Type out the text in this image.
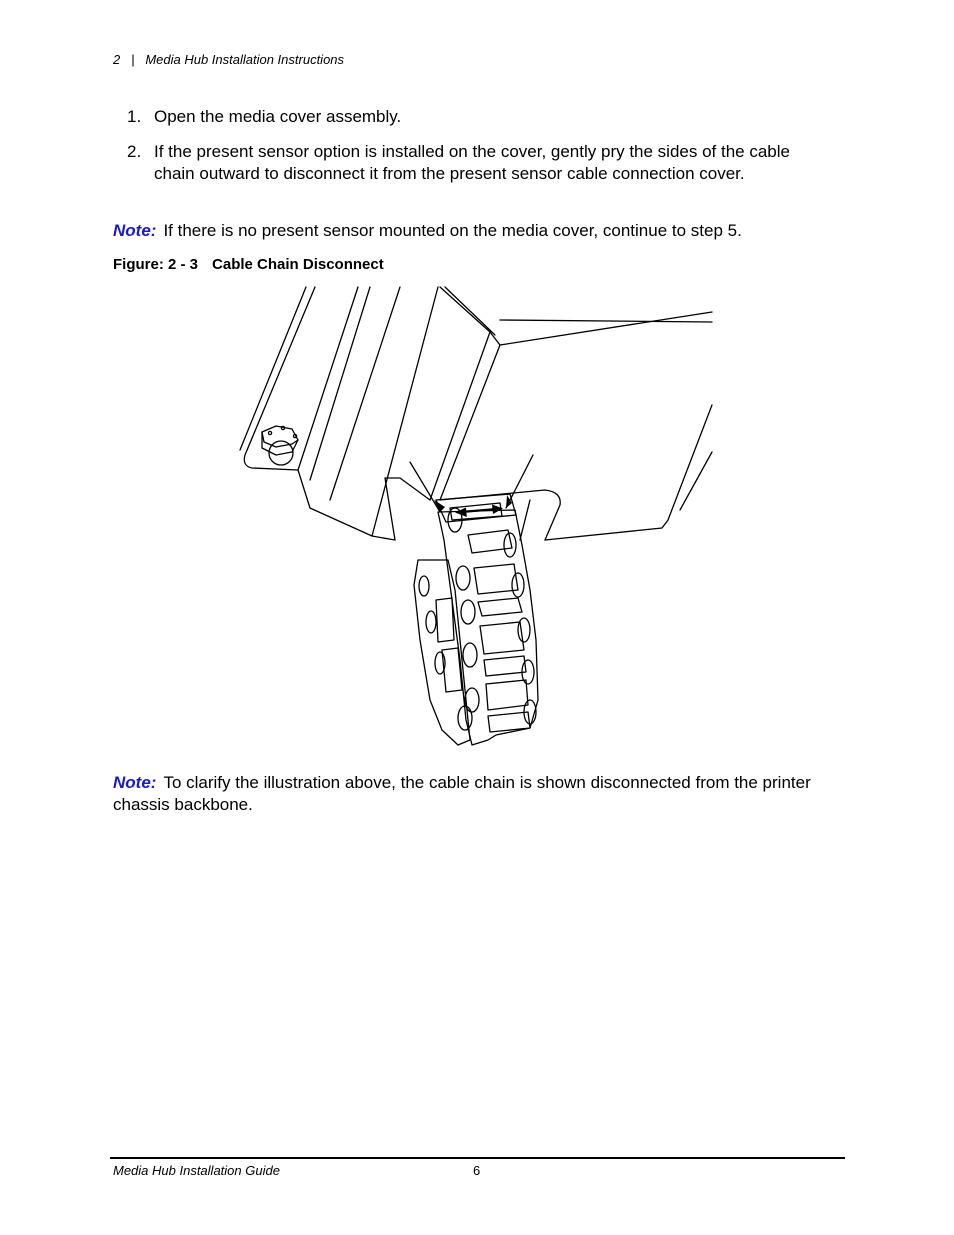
2 | Media Hub Installation Instructions
1. Open the media cover assembly.
2. If the present sensor option is installed on the cover, gently pry the sides of the cable chain outward to disconnect it from the present sensor cable connection cover.
Note: If there is no present sensor mounted on the media cover, continue to step 5.
Figure: 2 - 3 Cable Chain Disconnect
Note: To clarify the illustration above, the cable chain is shown disconnected from the printer chassis backbone.
Media Hub Installation Guide	6
